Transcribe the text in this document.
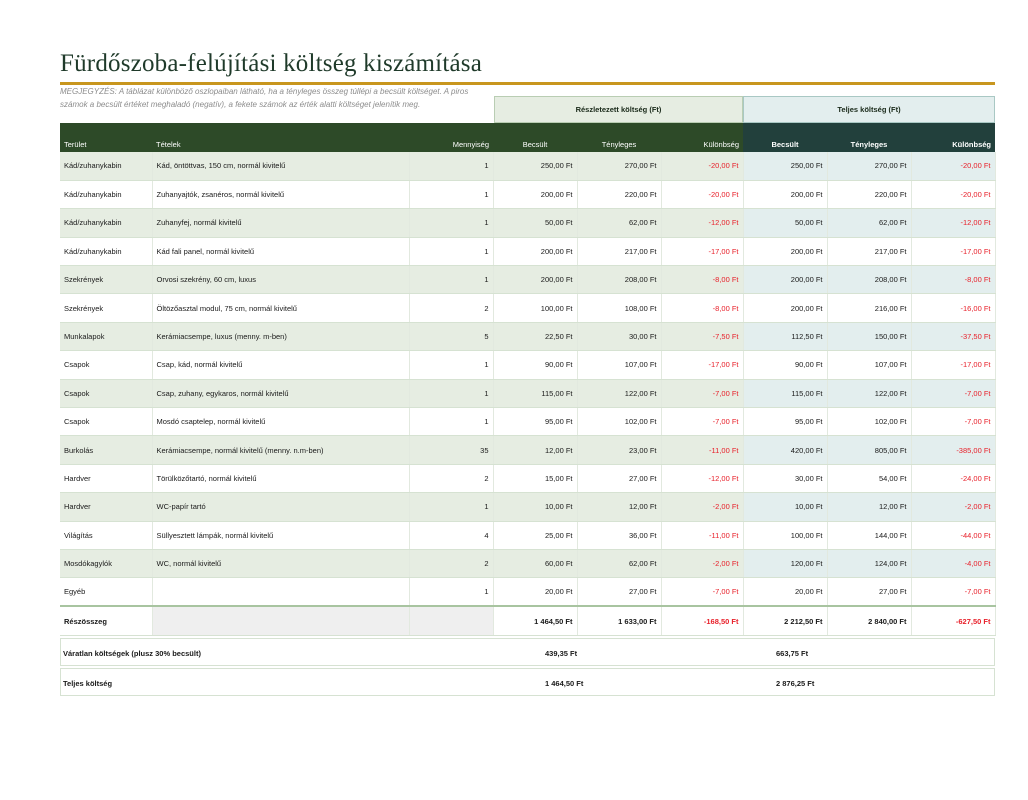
Fürdőszoba-felújítási költség kiszámítása
MEGJEGYZÉS: A táblázat különböző oszlopaiban látható, ha a tényleges összeg túllépi a becsült költséget. A piros számok a becsült értéket meghaladó (negatív), a fekete számok az érték alatti költséget jelenítik meg.
Részletezett költség (Ft)	Teljes költség (Ft)
Terület	Tételek	Mennyiség	Becsült	Tényleges	Különbség	Becsült	Tényleges	Különbség
Kád/zuhanykabin	Kád, öntöttvas, 150 cm, normál kivitelű	1	250,00 Ft	270,00 Ft	-20,00 Ft	250,00 Ft	270,00 Ft	-20,00 Ft
Kád/zuhanykabin	Zuhanyajtók, zsanéros, normál kivitelű	1	200,00 Ft	220,00 Ft	-20,00 Ft	200,00 Ft	220,00 Ft	-20,00 Ft
Kád/zuhanykabin	Zuhanyfej, normál kivitelű	1	50,00 Ft	62,00 Ft	-12,00 Ft	50,00 Ft	62,00 Ft	-12,00 Ft
Kád/zuhanykabin	Kád fali panel, normál kivitelű	1	200,00 Ft	217,00 Ft	-17,00 Ft	200,00 Ft	217,00 Ft	-17,00 Ft
Szekrények	Orvosi szekrény, 60 cm, luxus	1	200,00 Ft	208,00 Ft	-8,00 Ft	200,00 Ft	208,00 Ft	-8,00 Ft
Szekrények	Öltözőasztal modul, 75 cm, normál kivitelű	2	100,00 Ft	108,00 Ft	-8,00 Ft	200,00 Ft	216,00 Ft	-16,00 Ft
Munkalapok	Kerámiacsempe, luxus (menny. m-ben)	5	22,50 Ft	30,00 Ft	-7,50 Ft	112,50 Ft	150,00 Ft	-37,50 Ft
Csapok	Csap, kád, normál kivitelű	1	90,00 Ft	107,00 Ft	-17,00 Ft	90,00 Ft	107,00 Ft	-17,00 Ft
Csapok	Csap, zuhany, egykaros, normál kivitelű	1	115,00 Ft	122,00 Ft	-7,00 Ft	115,00 Ft	122,00 Ft	-7,00 Ft
Csapok	Mosdó csaptelep, normál kivitelű	1	95,00 Ft	102,00 Ft	-7,00 Ft	95,00 Ft	102,00 Ft	-7,00 Ft
Burkolás	Kerámiacsempe, normál kivitelű (menny. n.m-ben)	35	12,00 Ft	23,00 Ft	-11,00 Ft	420,00 Ft	805,00 Ft	-385,00 Ft
Hardver	Törülközőtartó, normál kivitelű	2	15,00 Ft	27,00 Ft	-12,00 Ft	30,00 Ft	54,00 Ft	-24,00 Ft
Hardver	WC-papír tartó	1	10,00 Ft	12,00 Ft	-2,00 Ft	10,00 Ft	12,00 Ft	-2,00 Ft
Világítás	Süllyesztett lámpák, normál kivitelű	4	25,00 Ft	36,00 Ft	-11,00 Ft	100,00 Ft	144,00 Ft	-44,00 Ft
Mosdókagylók	WC, normál kivitelű	2	60,00 Ft	62,00 Ft	-2,00 Ft	120,00 Ft	124,00 Ft	-4,00 Ft
Egyéb		1	20,00 Ft	27,00 Ft	-7,00 Ft	20,00 Ft	27,00 Ft	-7,00 Ft
Részösszeg			1 464,50 Ft	1 633,00 Ft	-168,50 Ft	2 212,50 Ft	2 840,00 Ft	-627,50 Ft
Váratlan költségek (plusz 30% becsült)	439,35 Ft	663,75 Ft
Teljes költség	1 464,50 Ft	2 876,25 Ft
